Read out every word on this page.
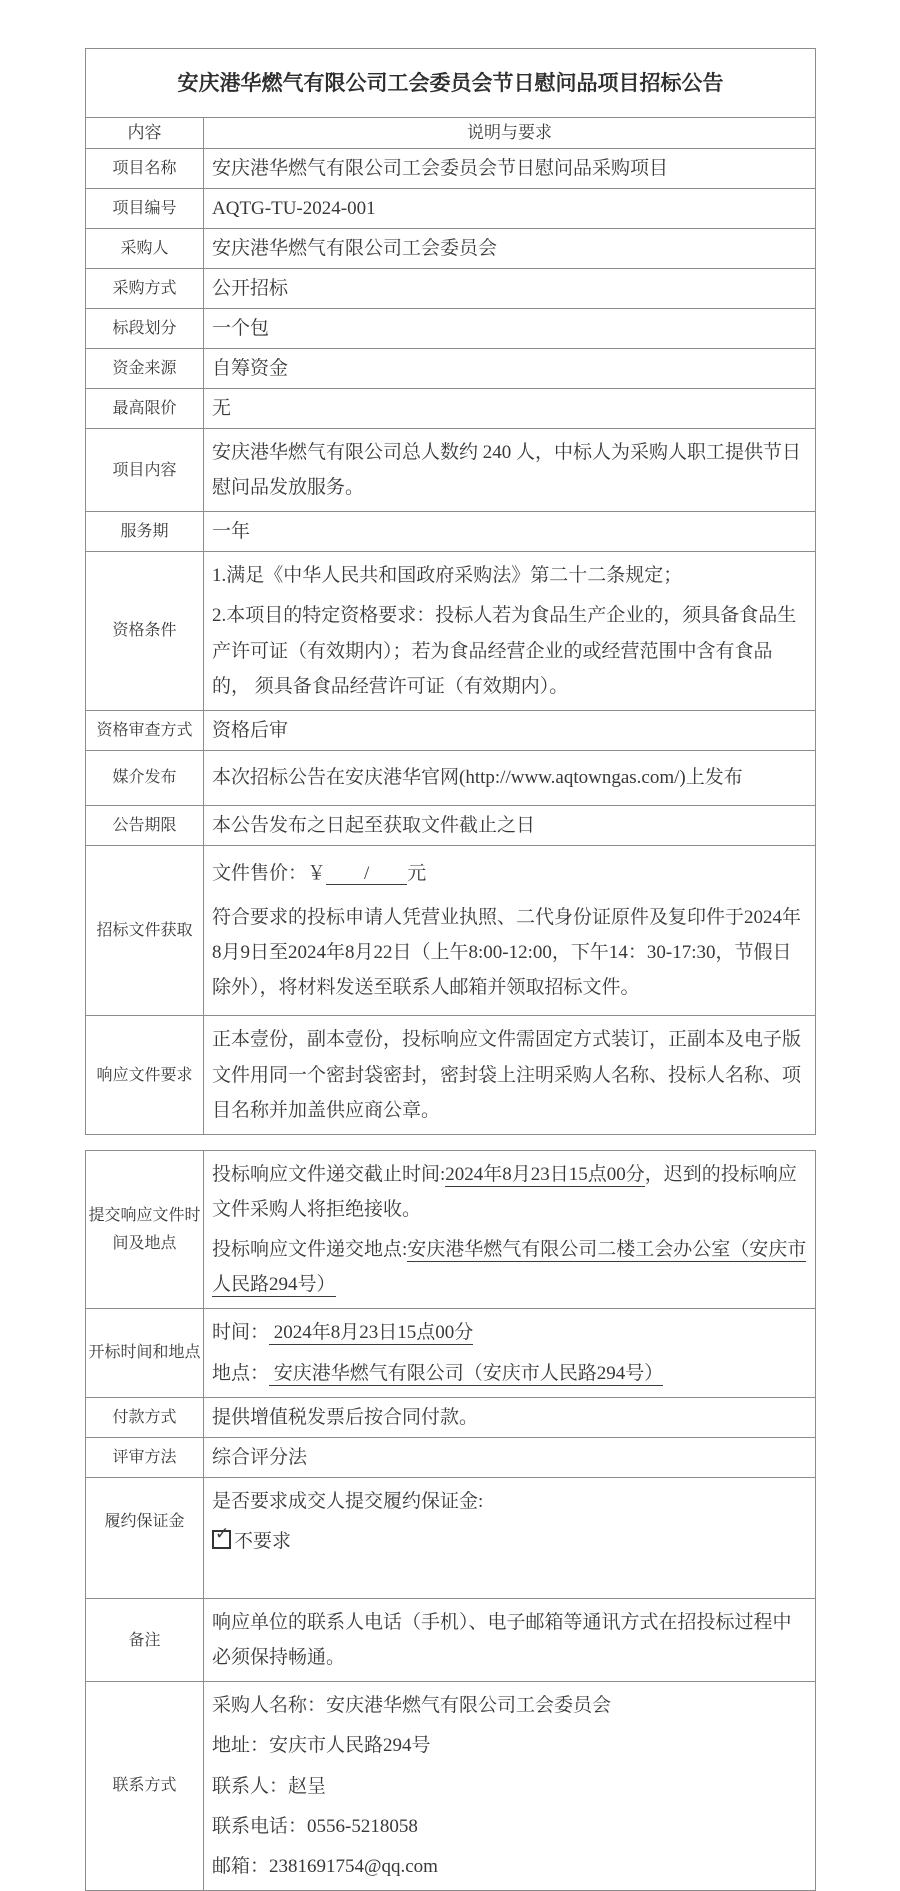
安庆港华燃气有限公司工会委员会节日慰问品项目招标公告	
内容	说明与要求
项目名称	安庆港华燃气有限公司工会委员会节日慰问品采购项目
项目编号	AQTG-TU-2024-001
采购人	安庆港华燃气有限公司工会委员会
采购方式	公开招标
标段划分	一个包
资金来源	自筹资金
最高限价	无
项目内容	安庆港华燃气有限公司总人数约 240 人，中标人为采购人职工提供节日慰问品发放服务。

服务期	一年
资格条件	1.满足《中华人民共和国政府采购法》第二十二条规定；

2.本项目的特定资格要求：投标人若为食品生产企业的，须具备食品生产许可证（有效期内）；若为食品经营企业的或经营范围中含有食品的， 须具备食品经营许可证（有效期内）。

资格审查方式	资格后审
媒介发布	本次招标公告在安庆港华官网(http://www.aqtowngas.com/)上发布
公告期限	本公告发布之日起至获取文件截止之日
招标文件获取	文件售价：￥　　/　　元

符合要求的投标申请人凭营业执照、二代身份证原件及复印件于2024年8月9日至2024年8月22日（上午8:00-12:00，下午14：30-17:30，节假日除外），将材料发送至联系人邮箱并领取招标文件。

响应文件要求	正本壹份，副本壹份，投标响应文件需固定方式装订，正副本及电子版文件用同一个密封袋密封，密封袋上注明采购人名称、投标人名称、项目名称并加盖供应商公章。

提交响应文件时间及地点	投标响应文件递交截止时间:2024年8月23日15点00分，迟到的投标响应文件采购人将拒绝接收。

投标响应文件递交地点:安庆港华燃气有限公司二楼工会办公室（安庆市人民路294号）

开标时间和地点	时间： 2024年8月23日15点00分

地点： 安庆港华燃气有限公司（安庆市人民路294号）

付款方式	提供增值税发票后按合同付款。
评审方法	综合评分法
履约保证金	是否要求成交人提交履约保证金:

✓ 不要求

备注	响应单位的联系人电话（手机）、电子邮箱等通讯方式在招投标过程中必须保持畅通。

联系方式	采购人名称：安庆港华燃气有限公司工会委员会

地址：安庆市人民路294号

联系人：赵呈

联系电话：0556-5218058

邮箱：2381691754@qq.com
